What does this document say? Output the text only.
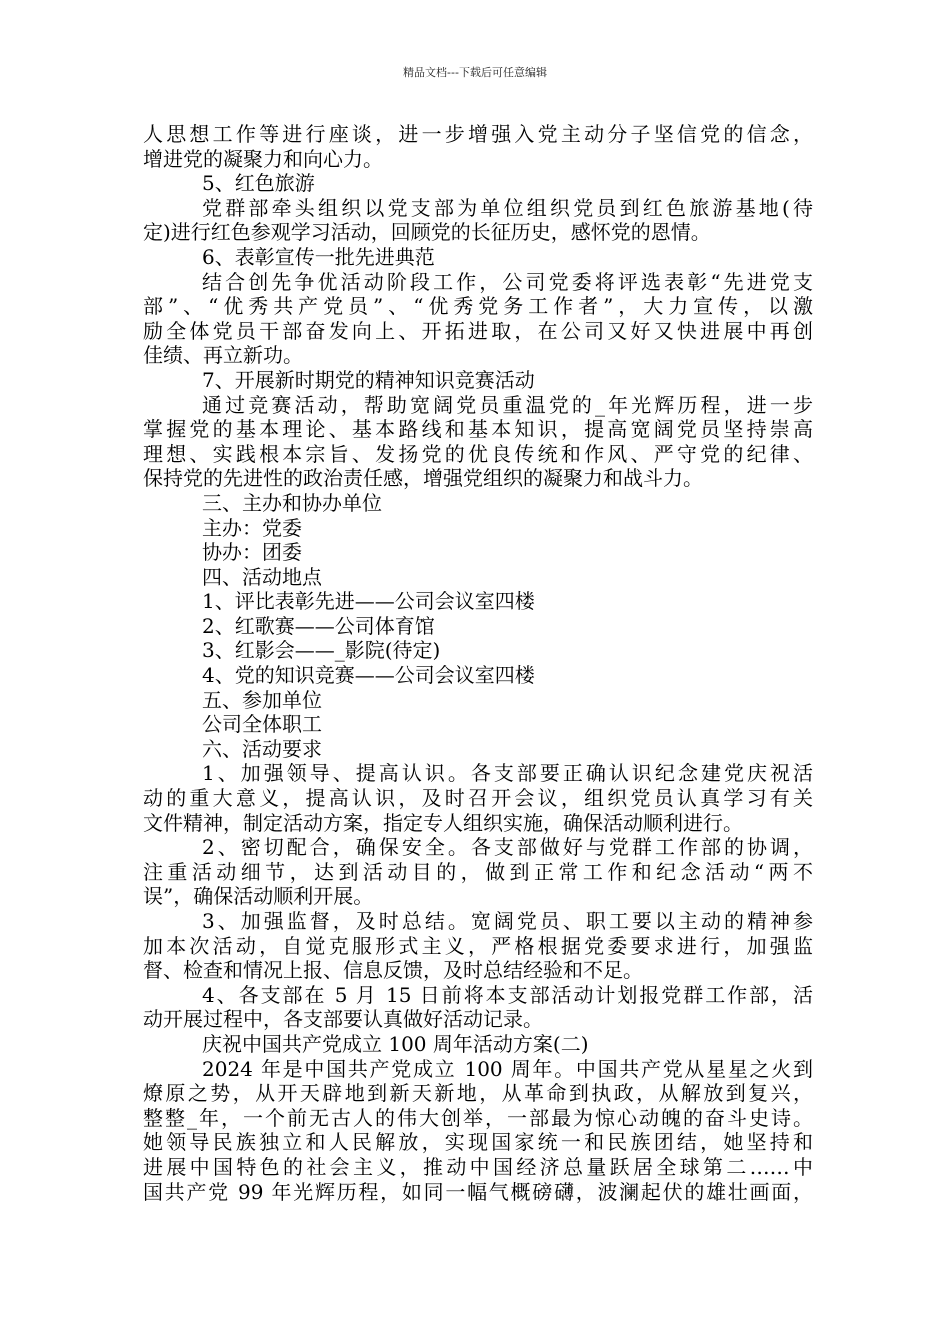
精品文档---下载后可任意编辑
人思想工作等进行座谈，进一步增强入党主动分子坚信党的信念，
增进党的凝聚力和向心力。
5、红色旅游
党群部牵头组织以党支部为单位组织党员到红色旅游基地(待
定)进行红色参观学习活动，回顾党的长征历史，感怀党的恩情。
6、表彰宣传一批先进典范
结合创先争优活动阶段工作，公司党委将评选表彰“先进党支
部”、“优秀共产党员”、“优秀党务工作者”，大力宣传，以激
励全体党员干部奋发向上、开拓进取，在公司又好又快进展中再创
佳绩、再立新功。
7、开展新时期党的精神知识竞赛活动
通过竞赛活动，帮助宽阔党员重温党的_年光辉历程，进一步
掌握党的基本理论、基本路线和基本知识，提高宽阔党员坚持崇高
理想、实践根本宗旨、发扬党的优良传统和作风、严守党的纪律、
保持党的先进性的政治责任感，增强党组织的凝聚力和战斗力。
三、主办和协办单位
主办：党委
协办：团委
四、活动地点
1、评比表彰先进——公司会议室四楼
2、红歌赛——公司体育馆
3、红影会——_影院(待定)
4、党的知识竞赛——公司会议室四楼
五、参加单位
公司全体职工
六、活动要求
1、加强领导、提高认识。各支部要正确认识纪念建党庆祝活
动的重大意义，提高认识，及时召开会议，组织党员认真学习有关
文件精神，制定活动方案，指定专人组织实施，确保活动顺利进行。
2、密切配合，确保安全。各支部做好与党群工作部的协调，
注重活动细节，达到活动目的，做到正常工作和纪念活动“两不
误”，确保活动顺利开展。
3、加强监督，及时总结。宽阔党员、职工要以主动的精神参
加本次活动，自觉克服形式主义，严格根据党委要求进行，加强监
督、检查和情况上报、信息反馈，及时总结经验和不足。
4、各支部在 5 月 15 日前将本支部活动计划报党群工作部，活
动开展过程中，各支部要认真做好活动记录。
庆祝中国共产党成立 100 周年活动方案(二)
2024 年是中国共产党成立 100 周年。中国共产党从星星之火到
燎原之势，从开天辟地到新天新地，从革命到执政，从解放到复兴，
整整_年，一个前无古人的伟大创举，一部最为惊心动魄的奋斗史诗。
她领导民族独立和人民解放，实现国家统一和民族团结，她坚持和
进展中国特色的社会主义，推动中国经济总量跃居全球第二……中
国共产党 99 年光辉历程，如同一幅气概磅礴，波澜起伏的雄壮画面，
